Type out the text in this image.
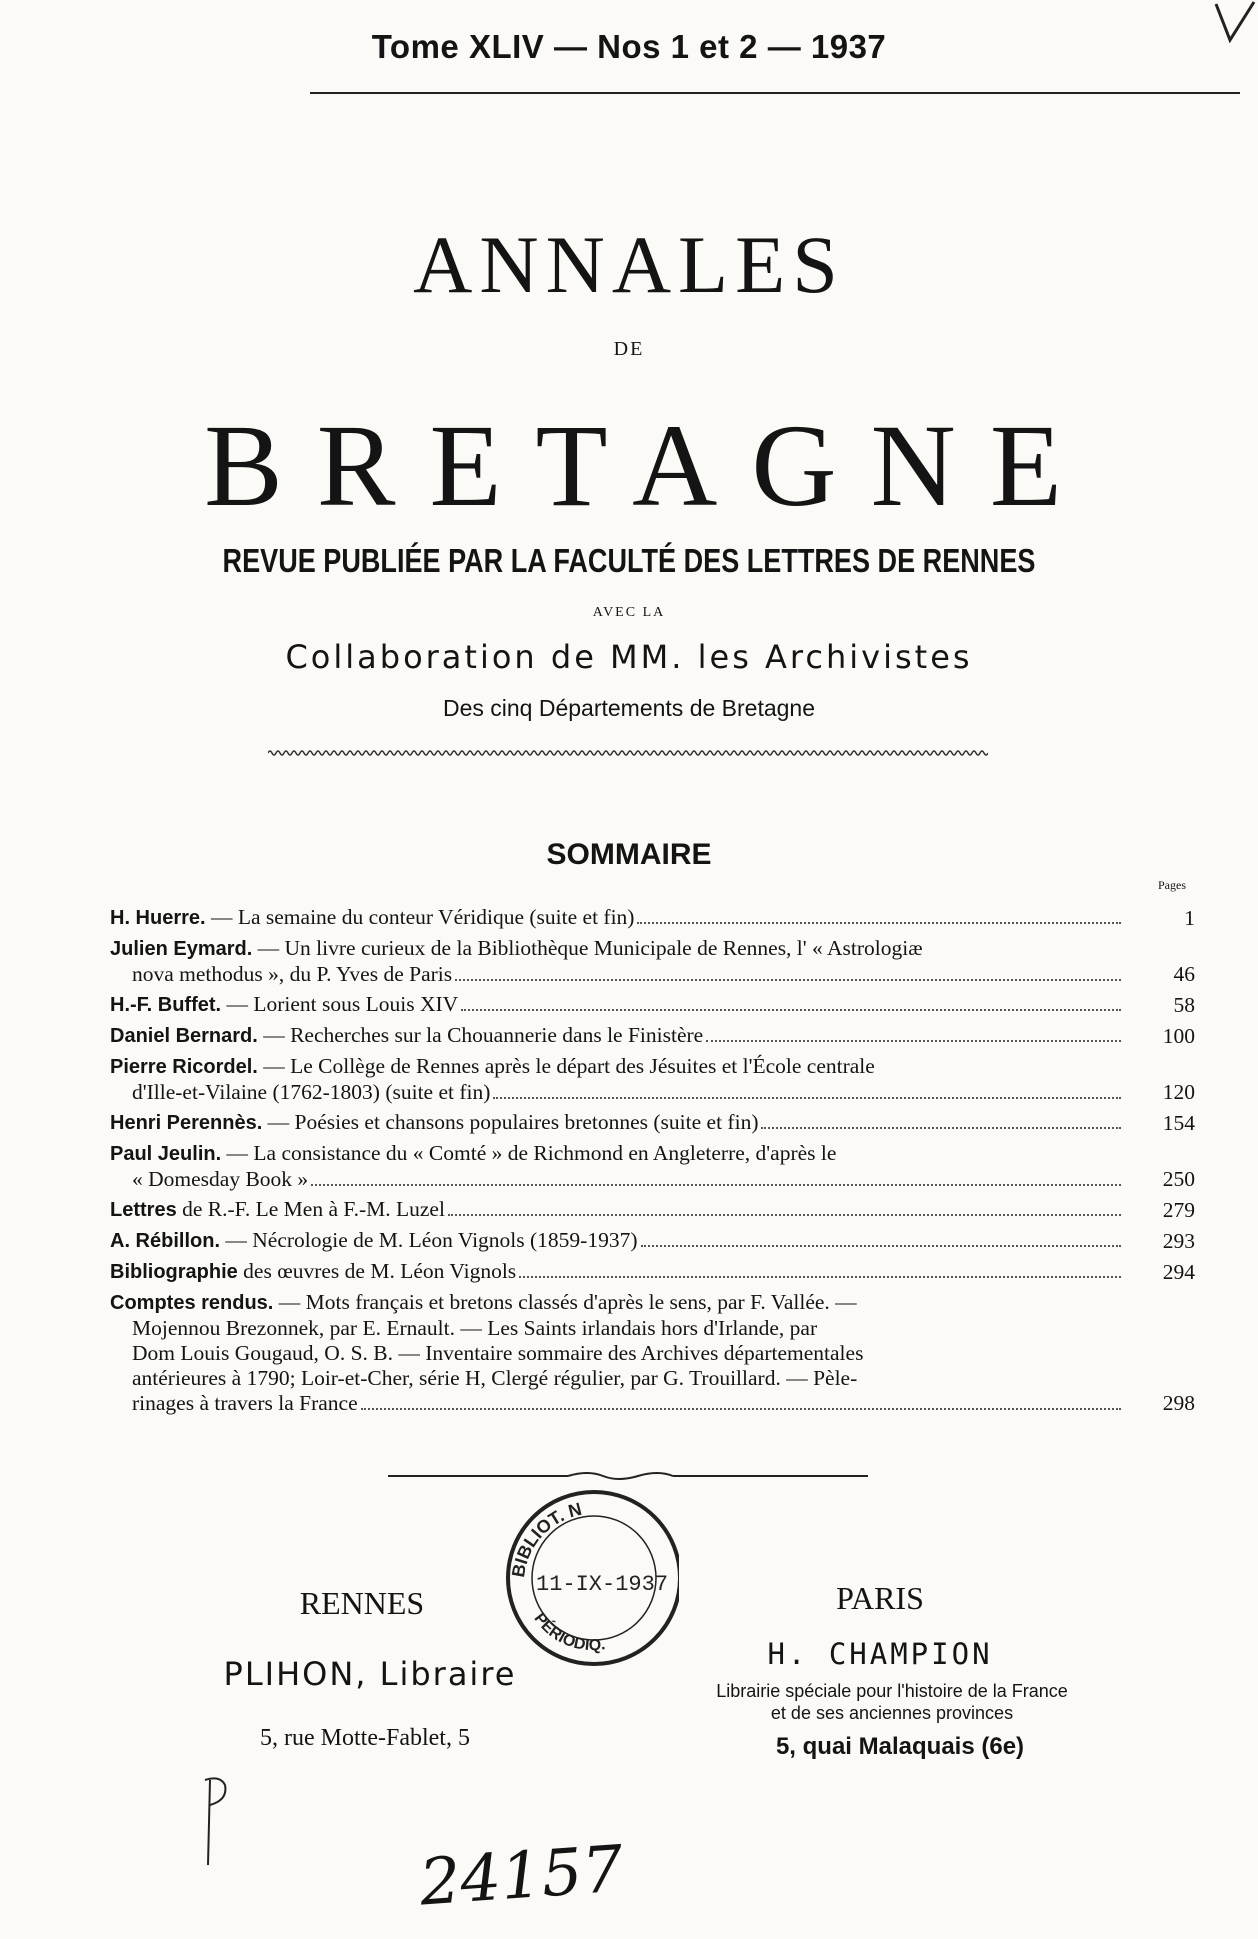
Tome XLIV — Nos 1 et 2 — 1937
ANNALES
DE
BRETAGNE
REVUE PUBLIÉE PAR LA FACULTÉ DES LETTRES DE RENNES
AVEC LA
Collaboration de MM. les Archivistes
Des cinq Départements de Bretagne
SOMMAIRE
Pages
H. Huerre. — La semaine du conteur Véridique (suite et fin)	1
Julien Eymard. — Un livre curieux de la Bibliothèque Municipale de Rennes, l' « Astrologiæ
nova methodus », du P. Yves de Paris	46
H.-F. Buffet. — Lorient sous Louis XIV	58
Daniel Bernard. — Recherches sur la Chouannerie dans le Finistère	100
Pierre Ricordel. — Le Collège de Rennes après le départ des Jésuites et l'École centrale
d'Ille-et-Vilaine (1762-1803) (suite et fin)	120
Henri Perennès. — Poésies et chansons populaires bretonnes (suite et fin)	154
Paul Jeulin. — La consistance du « Comté » de Richmond en Angleterre, d'après le
« Domesday Book »	250
Lettres de R.-F. Le Men à F.-M. Luzel	279
A. Rébillon. — Nécrologie de M. Léon Vignols (1859-1937)	293
Bibliographie des œuvres de M. Léon Vignols	294
Comptes rendus. — Mots français et bretons classés d'après le sens, par F. Vallée. —
Mojennou Brezonnek, par E. Ernault. — Les Saints irlandais hors d'Irlande, par
Dom Louis Gougaud, O. S. B. — Inventaire sommaire des Archives départementales
antérieures à 1790; Loir-et-Cher, série H, Clergé régulier, par G. Trouillard. — Pèle-
rinages à travers la France	298
BIBLIOT. N
PÉRIODIQ.
11-IX-1937
RENNES
PLIHON, Libraire
5, rue Motte-Fablet, 5
PARIS
H. CHAMPION
Librairie spéciale pour l'histoire de la France
et de ses anciennes provinces
5, quai Malaquais (6e)
24157
